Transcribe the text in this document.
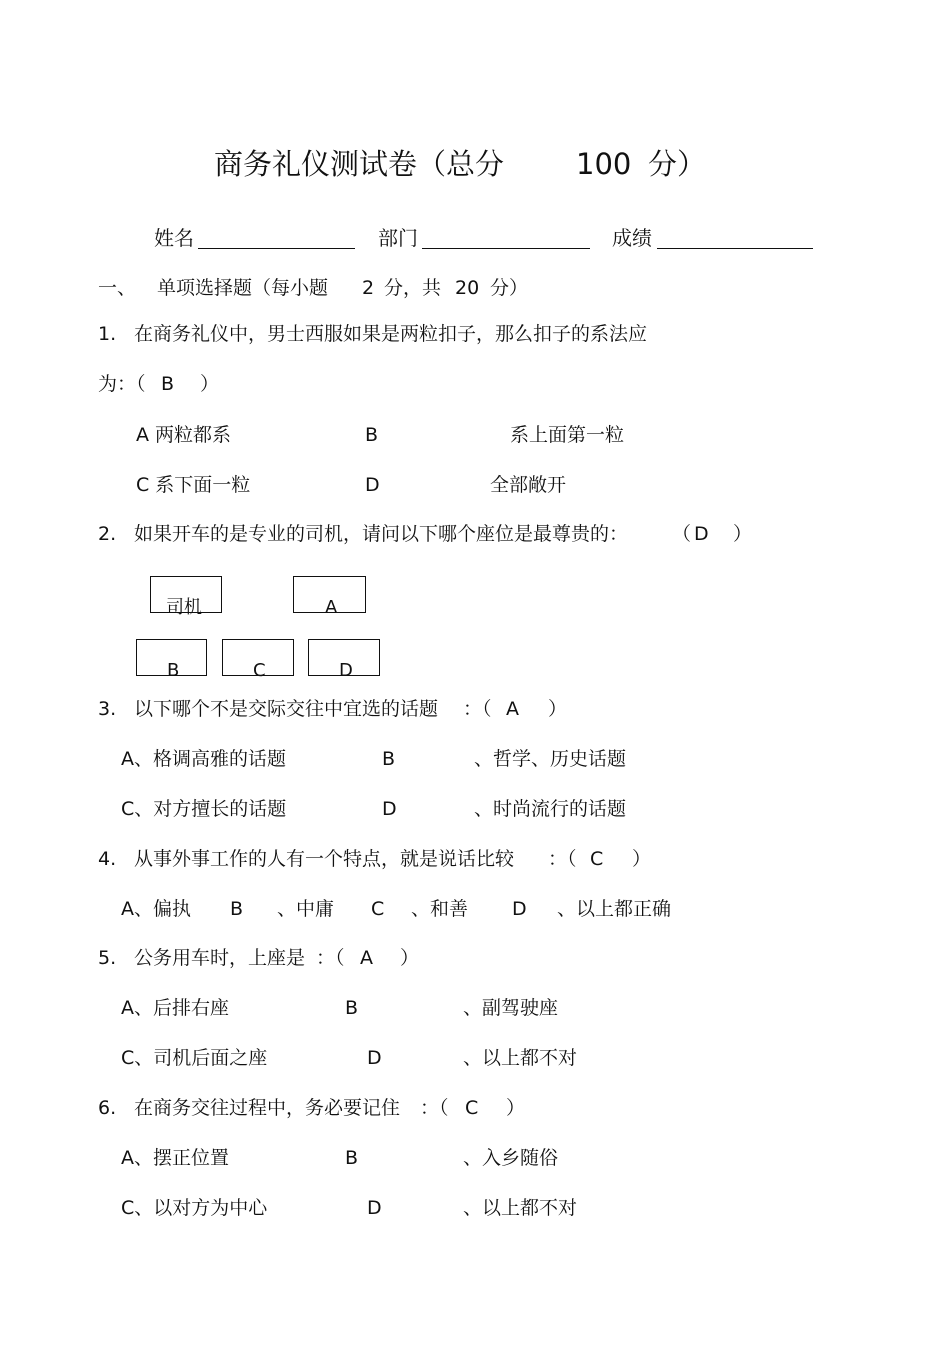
商务礼仪测试卷（总分 100 分）
姓名	部门	成绩
一、 单项选择题（每小题 2 分，共 20 分）
1. 在商务礼仪中，男士西服如果是两粒扣子，那么扣子的系法应
为：（ B ）
A 两粒都系	B	系上面第一粒
C 系下面一粒	D	全部敞开
2. 如果开车的是专业的司机，请问以下哪个座位是最尊贵的： （ D ）
司机	A
B	C	D
3. 以下哪个不是交际交往中宜选的话题 ：（ A ）
A、格调高雅的话题	B	、哲学、历史话题
C、对方擅长的话题	D	、时尚流行的话题
4. 从事外事工作的人有一个特点，就是说话比较 ：（ C ）
A、偏执 B 、中庸 C 、和善 D 、以上都正确
5. 公务用车时，上座是 ：（ A ）
A、后排右座	B	、副驾驶座
C、司机后面之座	D	、以上都不对
6. 在商务交往过程中，务必要记住 ：（ C ）
A、摆正位置	B	、入乡随俗
C、以对方为中心	D	、以上都不对
